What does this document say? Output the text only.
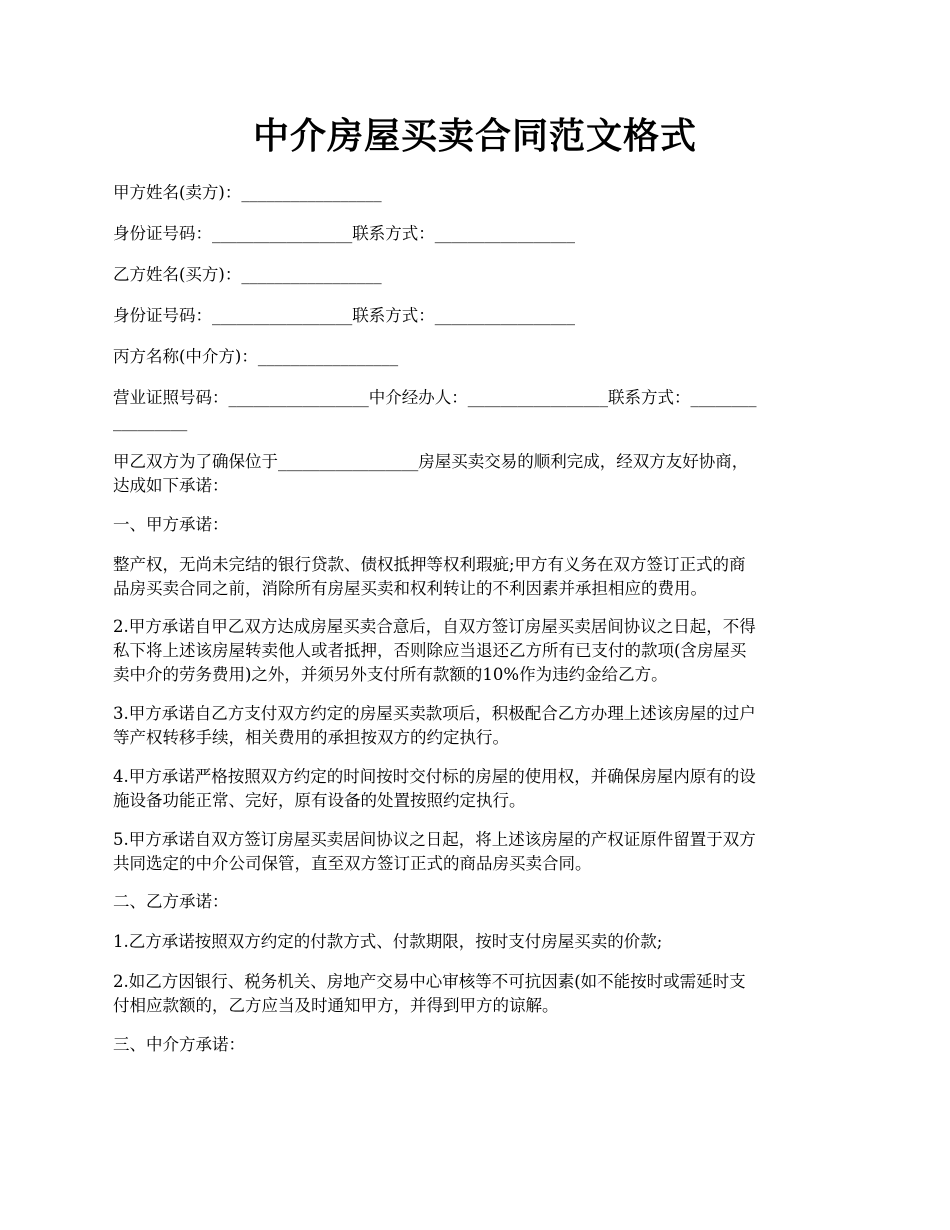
中介房屋买卖合同范文格式
甲方姓名(卖方)：_________________
身份证号码：_________________联系方式：_________________
乙方姓名(买方)：_________________
身份证号码：_________________联系方式：_________________
丙方名称(中介方)：_________________
营业证照号码：_________________中介经办人：_________________联系方式：________
_________
甲乙双方为了确保位于_________________房屋买卖交易的顺利完成，经双方友好协商，
达成如下承诺：
一、甲方承诺：
整产权，无尚未完结的银行贷款、债权抵押等权利瑕疵;甲方有义务在双方签订正式的商
品房买卖合同之前，消除所有房屋买卖和权利转让的不利因素并承担相应的费用。
2.甲方承诺自甲乙双方达成房屋买卖合意后，自双方签订房屋买卖居间协议之日起，不得
私下将上述该房屋转卖他人或者抵押，否则除应当退还乙方所有已支付的款项(含房屋买
卖中介的劳务费用)之外，并须另外支付所有款额的10%作为违约金给乙方。
3.甲方承诺自乙方支付双方约定的房屋买卖款项后，积极配合乙方办理上述该房屋的过户
等产权转移手续，相关费用的承担按双方的约定执行。
4.甲方承诺严格按照双方约定的时间按时交付标的房屋的使用权，并确保房屋内原有的设
施设备功能正常、完好，原有设备的处置按照约定执行。
5.甲方承诺自双方签订房屋买卖居间协议之日起，将上述该房屋的产权证原件留置于双方
共同选定的中介公司保管，直至双方签订正式的商品房买卖合同。
二、乙方承诺：
1.乙方承诺按照双方约定的付款方式、付款期限，按时支付房屋买卖的价款;
2.如乙方因银行、税务机关、房地产交易中心审核等不可抗因素(如不能按时或需延时支
付相应款额的，乙方应当及时通知甲方，并得到甲方的谅解。
三、中介方承诺：
